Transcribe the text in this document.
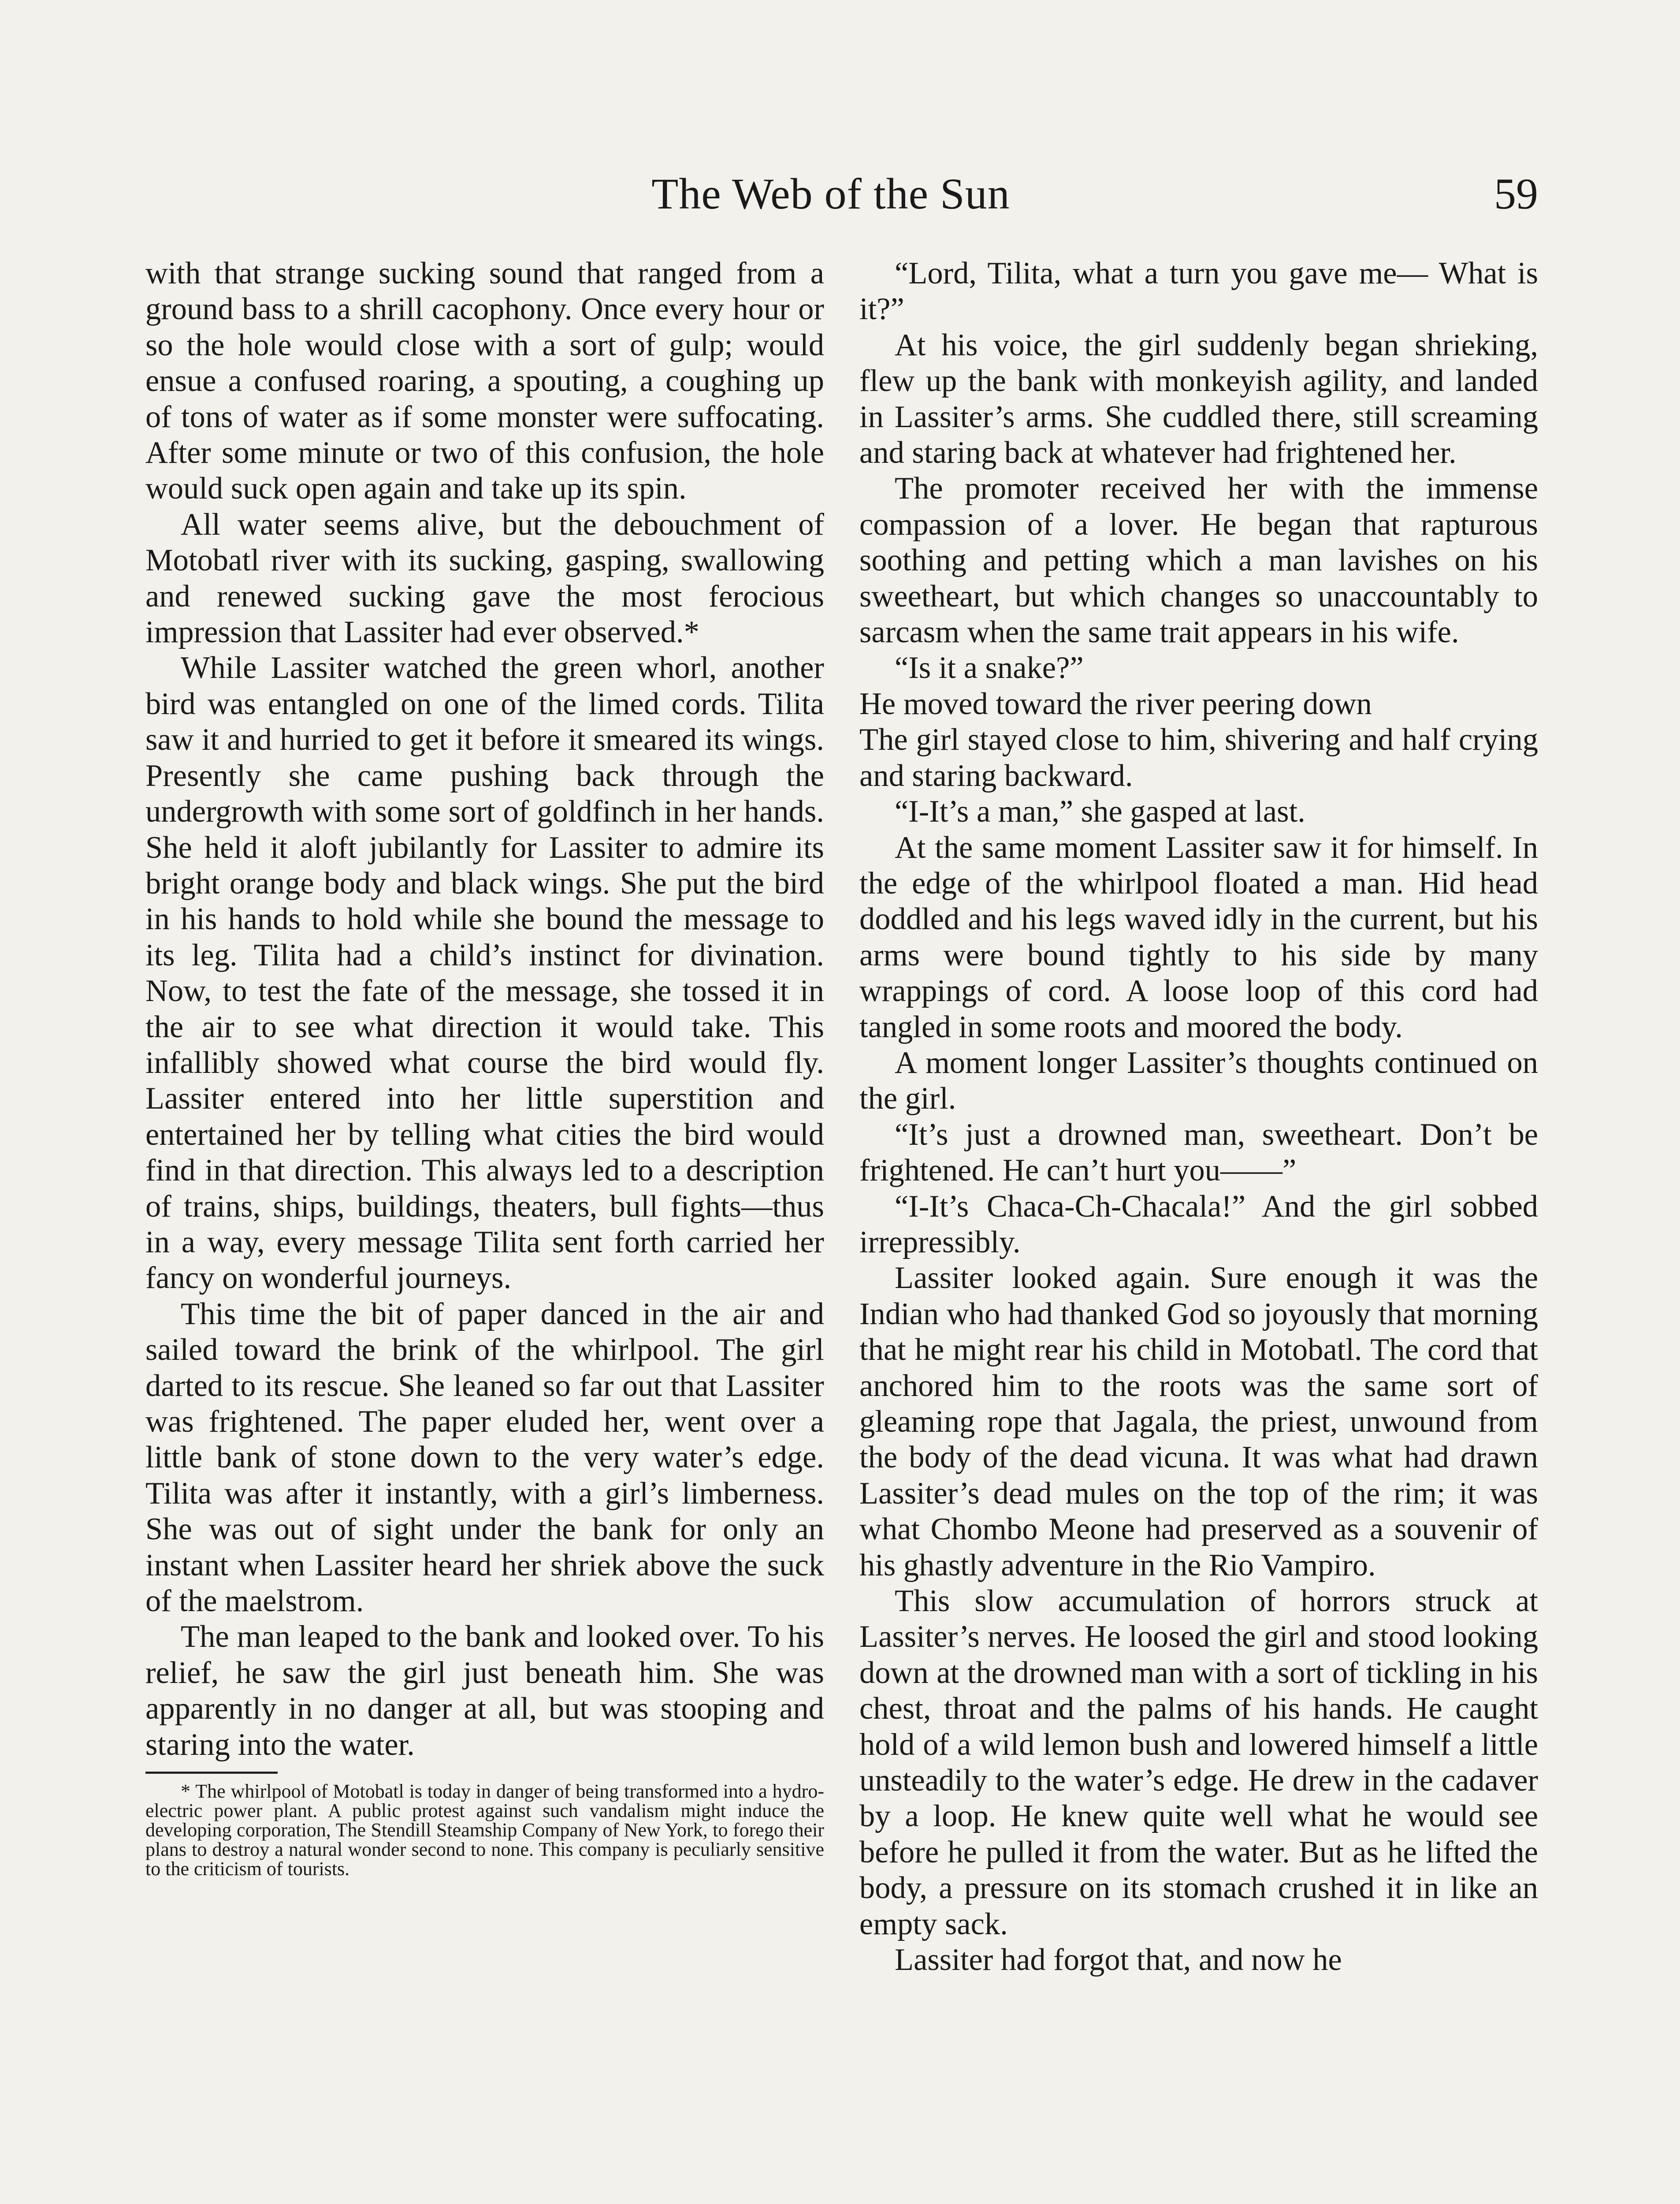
The Web of the Sun	59

with that strange sucking sound that ranged from a ground bass to a shrill cacophony. Once every hour or so the hole would close with a sort of gulp; would ensue a confused roaring, a spouting, a coughing up of tons of water as if some monster were suffocating. After some minute or two of this confusion, the hole would suck open again and take up its spin.

All water seems alive, but the debouchment of Motobatl river with its sucking, gasping, swallowing and renewed sucking gave the most ferocious impression that Lassiter had ever observed.*

While Lassiter watched the green whorl, another bird was entangled on one of the limed cords. Tilita saw it and hurried to get it before it smeared its wings. Presently she came pushing back through the undergrowth with some sort of goldfinch in her hands. She held it aloft jubilantly for Lassiter to admire its bright orange body and black wings. She put the bird in his hands to hold while she bound the message to its leg. Tilita had a child’s instinct for divination. Now, to test the fate of the message, she tossed it in the air to see what direction it would take. This infallibly showed what course the bird would fly. Lassiter entered into her little superstition and entertained her by telling what cities the bird would find in that direction. This always led to a description of trains, ships, buildings, theaters, bull fights—thus in a way, every message Tilita sent forth carried her fancy on wonderful journeys.

This time the bit of paper danced in the air and sailed toward the brink of the whirlpool. The girl darted to its rescue. She leaned so far out that Lassiter was frightened. The paper eluded her, went over a little bank of stone down to the very water’s edge. Tilita was after it instantly, with a girl’s limberness. She was out of sight under the bank for only an instant when Lassiter heard her shriek above the suck of the maelstrom.

The man leaped to the bank and looked over. To his relief, he saw the girl just beneath him. She was apparently in no danger at all, but was stooping and staring into the water.

* The whirlpool of Motobatl is today in danger of being transformed into a hydro-electric power plant. A public protest against such vandalism might induce the developing corporation, The Stendill Steamship Company of New York, to forego their plans to destroy a natural wonder second to none. This company is peculiarly sensitive to the criticism of tourists.

“Lord, Tilita, what a turn you gave me— What is it?”

At his voice, the girl suddenly began shrieking, flew up the bank with monkeyish agility, and landed in Lassiter’s arms. She cuddled there, still screaming and staring back at whatever had frightened her.

The promoter received her with the immense compassion of a lover. He began that rapturous soothing and petting which a man lavishes on his sweetheart, but which changes so unaccountably to sarcasm when the same trait appears in his wife.

“Is it a snake?”

He moved toward the river peering down

The girl stayed close to him, shivering and half crying and staring backward.

“I-It’s a man,” she gasped at last.

At the same moment Lassiter saw it for himself. In the edge of the whirlpool floated a man. Hid head doddled and his legs waved idly in the current, but his arms were bound tightly to his side by many wrappings of cord. A loose loop of this cord had tangled in some roots and moored the body.

A moment longer Lassiter’s thoughts continued on the girl.

“It’s just a drowned man, sweetheart. Don’t be frightened. He can’t hurt you——”

“I-It’s Chaca-Ch-Chacala!” And the girl sobbed irrepressibly.

Lassiter looked again. Sure enough it was the Indian who had thanked God so joyously that morning that he might rear his child in Motobatl. The cord that anchored him to the roots was the same sort of gleaming rope that Jagala, the priest, unwound from the body of the dead vicuna. It was what had drawn Lassiter’s dead mules on the top of the rim; it was what Chombo Meone had preserved as a souvenir of his ghastly adventure in the Rio Vampiro.

This slow accumulation of horrors struck at Lassiter’s nerves. He loosed the girl and stood looking down at the drowned man with a sort of tickling in his chest, throat and the palms of his hands. He caught hold of a wild lemon bush and lowered himself a little unsteadily to the water’s edge. He drew in the cadaver by a loop. He knew quite well what he would see before he pulled it from the water. But as he lifted the body, a pressure on its stomach crushed it in like an empty sack.

Lassiter had forgot that, and now he
